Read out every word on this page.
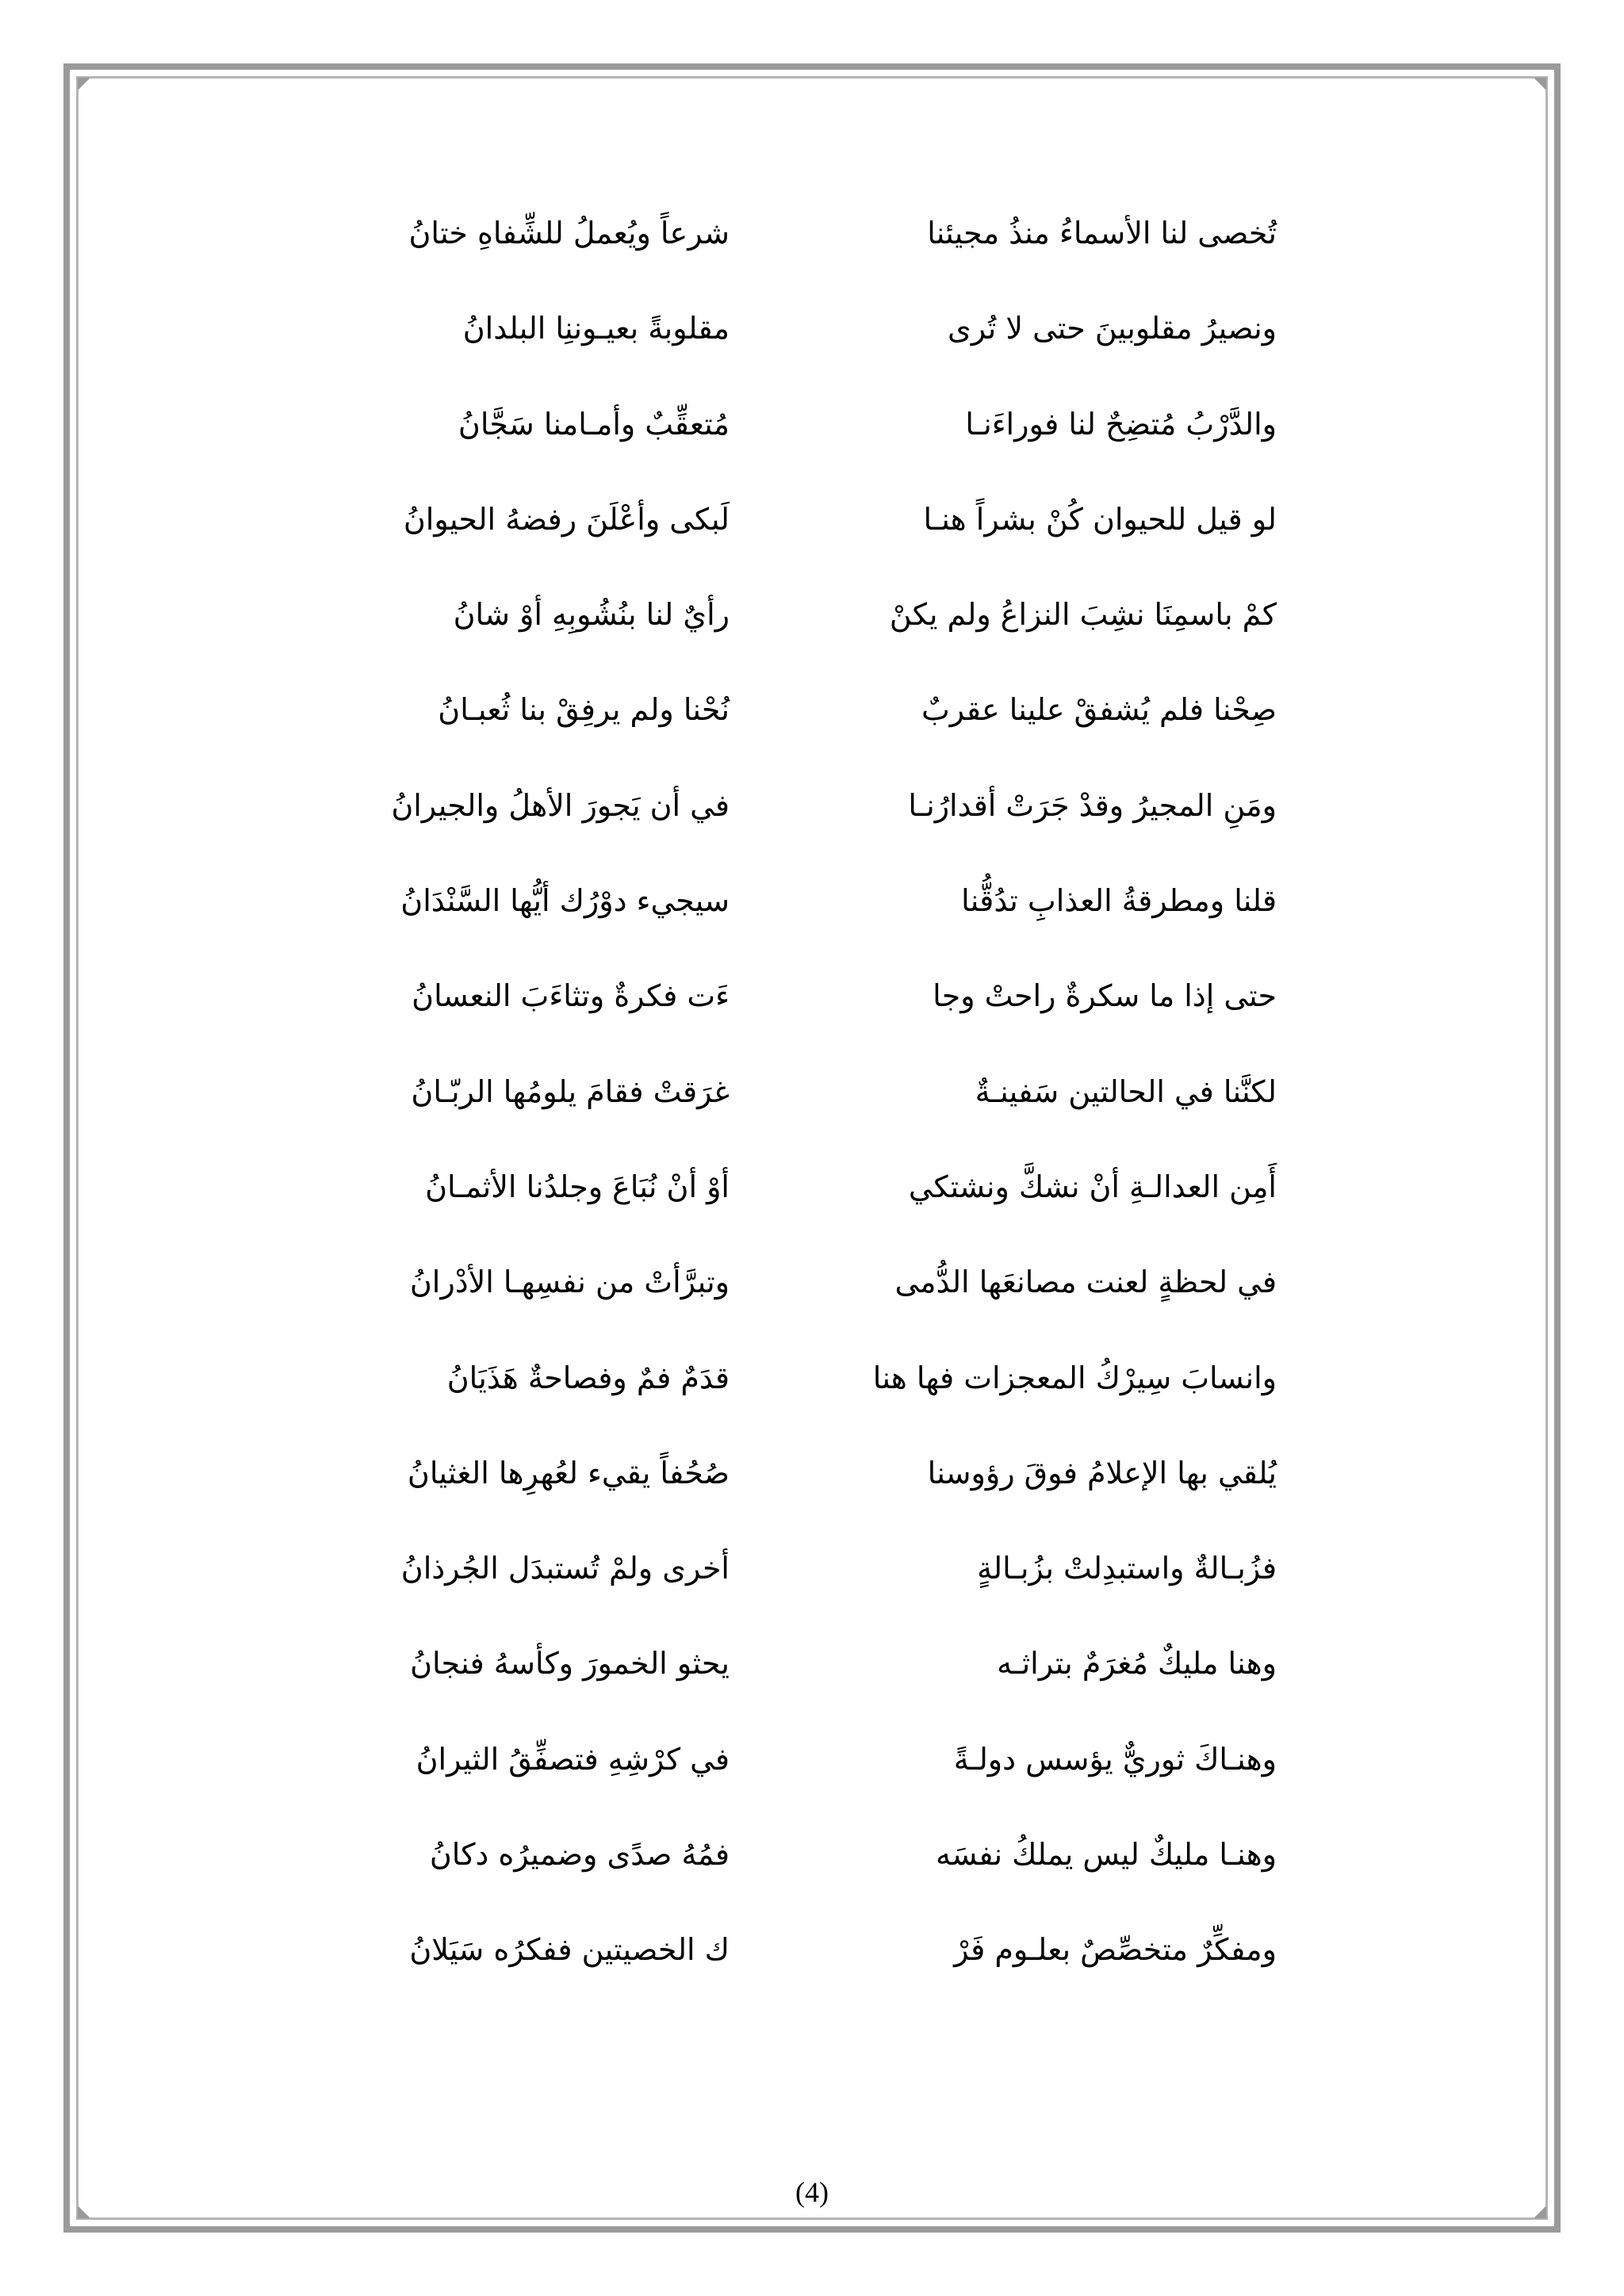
تُخصى لنا الأسماءُ منذُ مجيئنا
شرعاً ويُعملُ للشِّفاهِ ختانُ
ونصيرُ مقلوبينَ حتى لا تُرى
مقلوبةً بعيـوننِا البلدانُ
والدَّرْبُ مُتضِحٌ لنا فوراءَنـا
مُتعقِّبٌ وأمـامنا سَجَّانُ
لو قيل للحيوان كُنْ بشراً هنـا
لَبكى وأعْلَنَ رفضهُ الحيوانُ
كمْ باسمِنَا نشِبَ النزاعُ ولم يكنْ
رأيٌ لنا بنُشُوبِهِ أوْ شانُ
صِحْنا فلم يُشفقْ علينا عقربٌ
نُحْنا ولم يرفِقْ بنا ثُعبـانُ
ومَنِ المجيرُ وقدْ جَرَتْ أقدارُنـا
في أن يَجورَ الأهلُ والجيرانُ
قلنا ومطرقةُ العذابِ تدُقُّنا
سيجيء دوْرُك أيُّها السَّنْدَانُ
حتى إذا ما سكرةٌ راحتْ وجا
ءَت فكرةٌ وتثاءَبَ النعسانُ
لكنَّنا في الحالتين سَفينـةٌ
غرَقتْ فقامَ يلومُها الربّـانُ
أَمِن العدالـةِ أنْ نشكَّ ونشتكي
أوْ أنْ نُبَاعَ وجلدُنا الأثمـانُ
في لحظةٍ لعنت مصانعَها الدُّمى
وتبرَّأتْ من نفسِهـا الأدْرانُ
وانسابَ سِيرْكُ المعجزات فها هنا
قدَمٌ فمٌ وفصاحةٌ هَذَيَانُ
يُلقي بها الإعلامُ فوقَ رؤوسنا
صُحُفاً يقيء لعُهرِها الغثيانُ
فزُبـالةٌ واستبدِلتْ بزُبـالةٍ
أخرى ولمْ تُستبدَل الجُرذانُ
وهنا مليكٌ مُغرَمٌ بتراثـه
يحثو الخمورَ وكأسهُ فنجانُ
وهنـاكَ ثوريٌّ يؤسس دولـةً
في كرْشِهِ فتصفِّقُ الثيرانُ
وهنـا مليكٌ ليس يملكُ نفسَه
فمُهُ صدًى وضميرُه دكانُ
ومفكِّرٌ متخصِّصٌ بعلـوم فَرْ
ك الخصيتين ففكرُه سَيَلانُ
(4)
